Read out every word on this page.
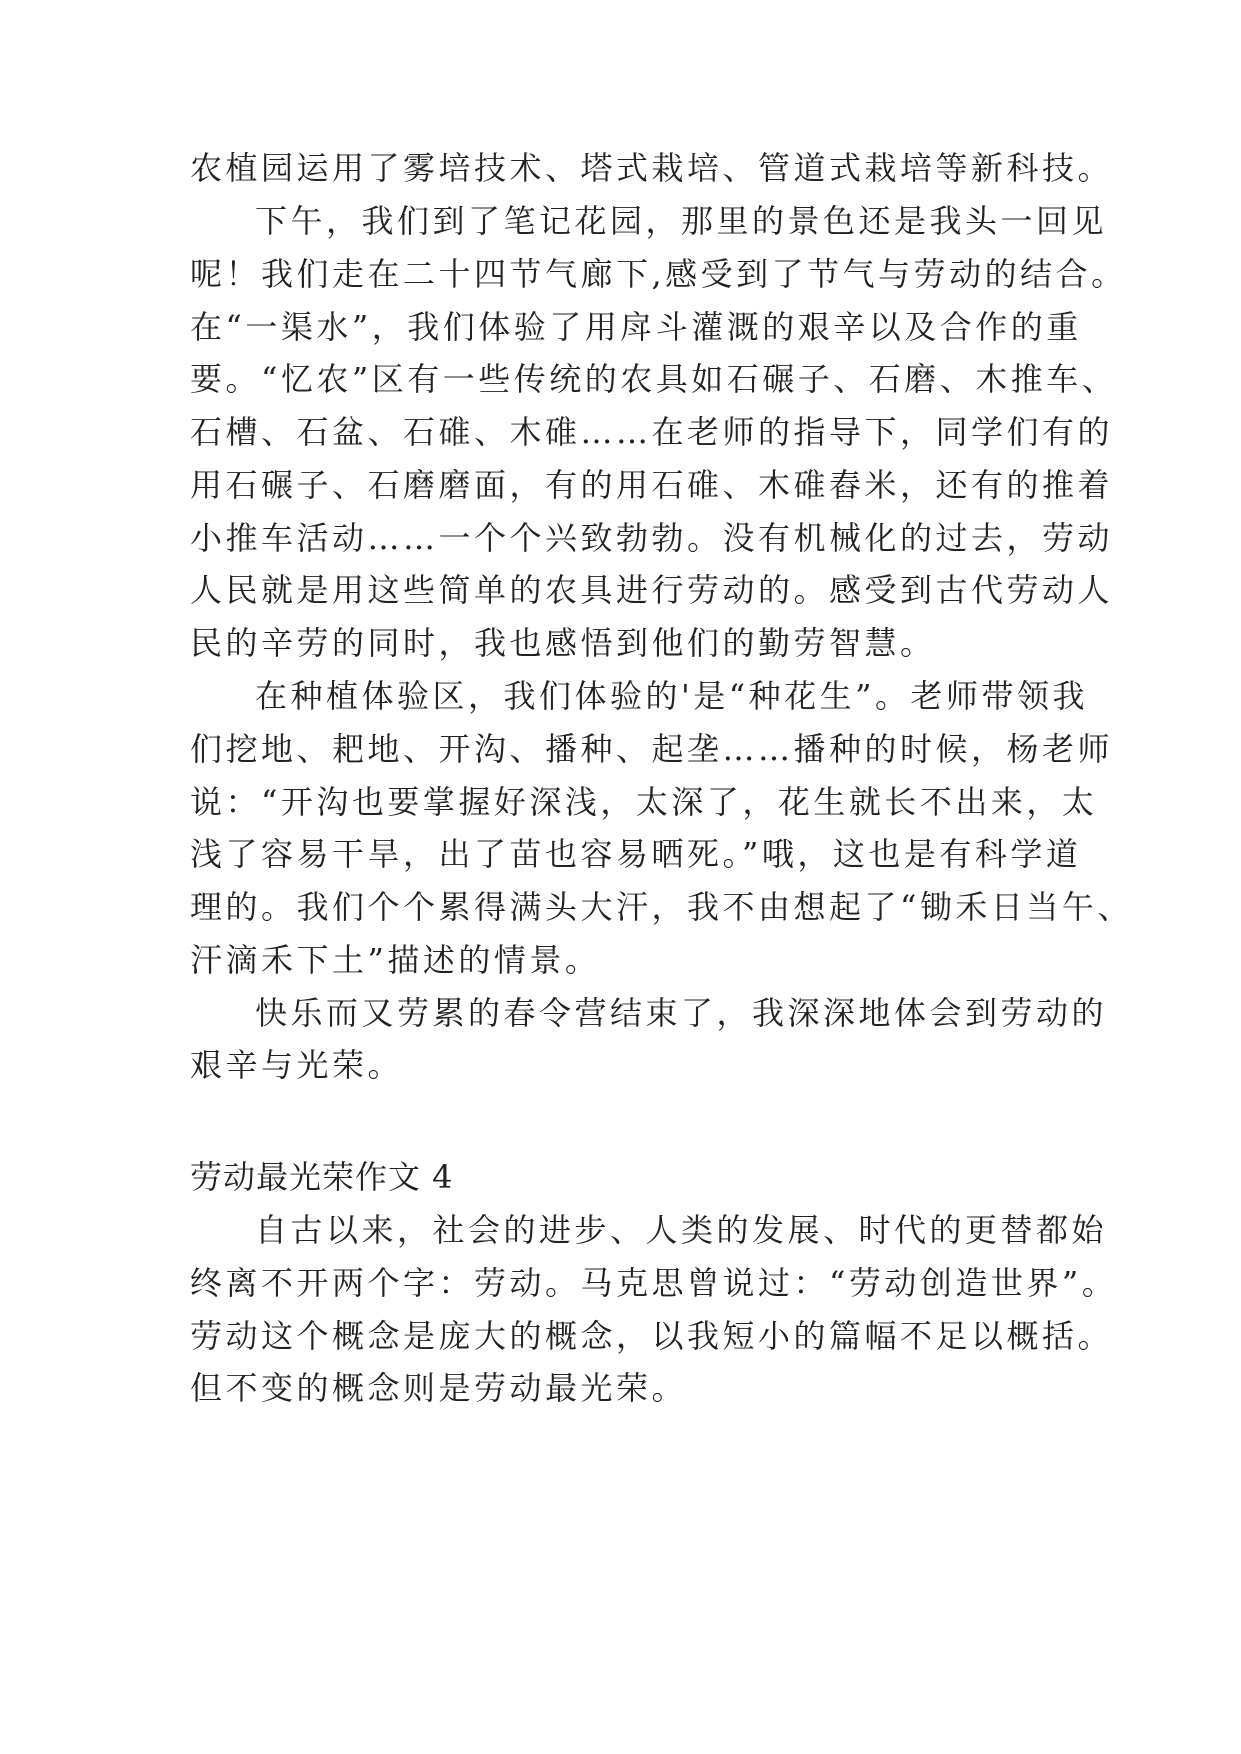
农植园运用了雾培技术、塔式栽培、管道式栽培等新科技。

下午，我们到了笔记花园，那里的景色还是我头一回见

呢！我们走在二十四节气廊下,感受到了节气与劳动的结合。

在“一渠水”，我们体验了用戽斗灌溉的艰辛以及合作的重

要。“忆农”区有一些传统的农具如石碾子、石磨、木推车、

石槽、石盆、石碓、木碓……在老师的指导下，同学们有的

用石碾子、石磨磨面，有的用石碓、木碓舂米，还有的推着

小推车活动……一个个兴致勃勃。没有机械化的过去，劳动

人民就是用这些简单的农具进行劳动的。感受到古代劳动人

民的辛劳的同时，我也感悟到他们的勤劳智慧。

在种植体验区，我们体验的'是“种花生”。老师带领我

们挖地、耙地、开沟、播种、起垄……播种的时候，杨老师

说：“开沟也要掌握好深浅，太深了，花生就长不出来，太

浅了容易干旱，出了苗也容易晒死。”哦，这也是有科学道

理的。我们个个累得满头大汗，我不由想起了“锄禾日当午、

汗滴禾下土”描述的情景。

快乐而又劳累的春令营结束了，我深深地体会到劳动的

艰辛与光荣。

劳动最光荣作文 4

自古以来，社会的进步、人类的发展、时代的更替都始

终离不开两个字：劳动。马克思曾说过：“劳动创造世界”。

劳动这个概念是庞大的概念，以我短小的篇幅不足以概括。

但不变的概念则是劳动最光荣。
